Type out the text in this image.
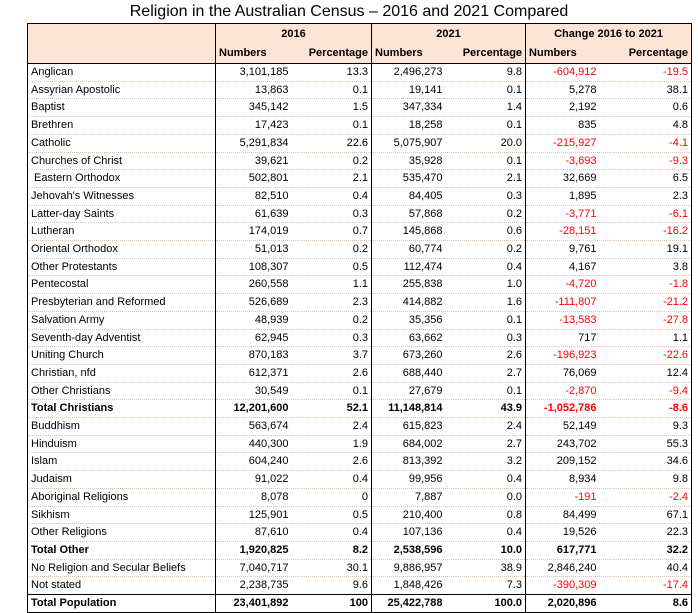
Religion in the Australian Census – 2016 and 2021 Compared
	2016		2021		Change 2016 to 2021	
	Numbers	Percentage	Numbers	Percentage	Numbers	Percentage
Anglican	3,101,185	13.3	2,496,273	9.8	-604,912	-19.5
Assyrian Apostolic	13,863	0.1	19,141	0.1	5,278	38.1
Baptist	345,142	1.5	347,334	1.4	2,192	0.6
Brethren	17,423	0.1	18,258	0.1	835	4.8
Catholic	5,291,834	22.6	5,075,907	20.0	-215,927	-4.1
Churches of Christ	39,621	0.2	35,928	0.1	-3,693	-9.3
Eastern Orthodox	502,801	2.1	535,470	2.1	32,669	6.5
Jehovah's Witnesses	82,510	0.4	84,405	0.3	1,895	2.3
Latter-day Saints	61,639	0.3	57,868	0.2	-3,771	-6.1
Lutheran	174,019	0.7	145,868	0.6	-28,151	-16.2
Oriental Orthodox	51,013	0.2	60,774	0.2	9,761	19.1
Other Protestants	108,307	0.5	112,474	0.4	4,167	3.8
Pentecostal	260,558	1.1	255,838	1.0	-4,720	-1.8
Presbyterian and Reformed	526,689	2.3	414,882	1.6	-111,807	-21.2
Salvation Army	48,939	0.2	35,356	0.1	-13,583	-27.8
Seventh-day Adventist	62,945	0.3	63,662	0.3	717	1.1
Uniting Church	870,183	3.7	673,260	2.6	-196,923	-22.6
Christian, nfd	612,371	2.6	688,440	2.7	76,069	12.4
Other Christians	30,549	0.1	27,679	0.1	-2,870	-9.4
Total Christians	12,201,600	52.1	11,148,814	43.9	-1,052,786	-8.6
Buddhism	563,674	2.4	615,823	2.4	52,149	9.3
Hinduism	440,300	1.9	684,002	2.7	243,702	55.3
Islam	604,240	2.6	813,392	3.2	209,152	34.6
Judaism	91,022	0.4	99,956	0.4	8,934	9.8
Aboriginal Religions	8,078	0	7,887	0.0	-191	-2.4
Sikhism	125,901	0.5	210,400	0.8	84,499	67.1
Other Religions	87,610	0.4	107,136	0.4	19,526	22.3
Total Other	1,920,825	8.2	2,538,596	10.0	617,771	32.2
No Religion and Secular Beliefs	7,040,717	30.1	9,886,957	38.9	2,846,240	40.4
Not stated	2,238,735	9.6	1,848,426	7.3	-390,309	-17.4
Total Population	23,401,892	100	25,422,788	100.0	2,020,896	8.6
